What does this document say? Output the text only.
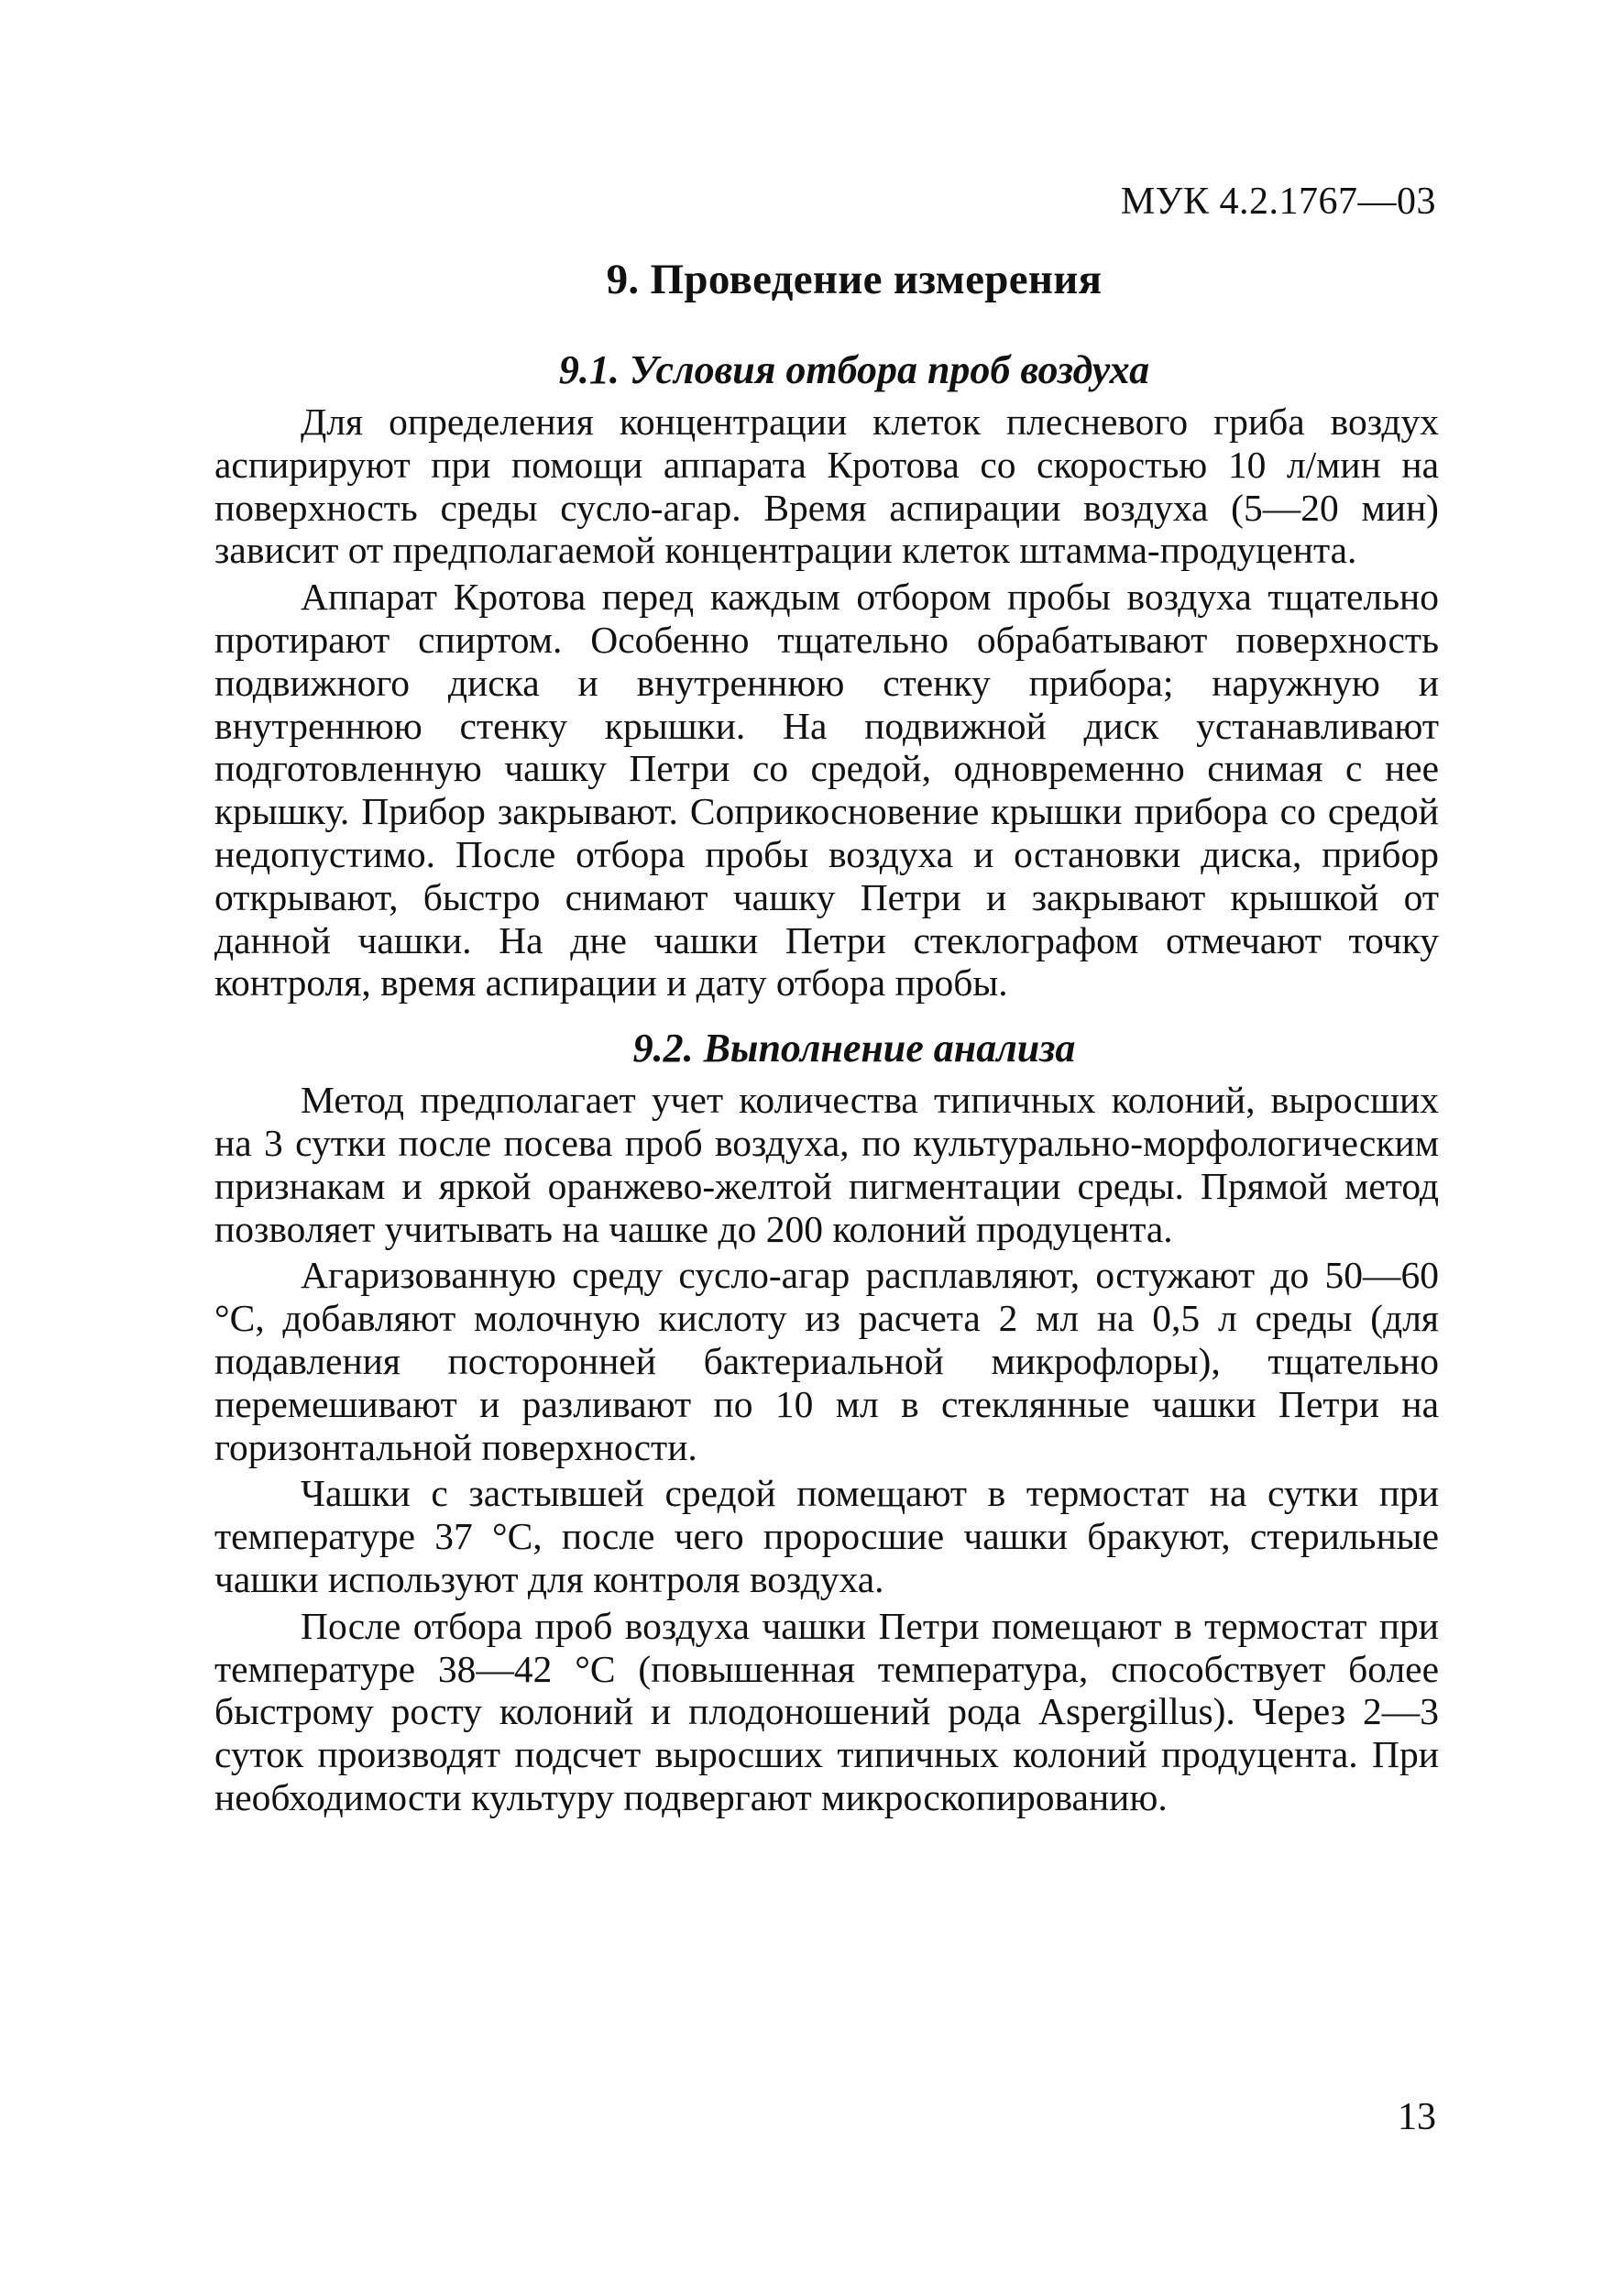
МУК 4.2.1767—03
9. Проведение измерения
9.1. Условия отбора проб воздуха

Для определения концентрации клеток плесневого гриба воздух аспирируют при помощи аппарата Кротова со скоростью 10 л/мин на поверхность среды сусло-агар. Время аспирации воздуха (5—20 мин) зависит от предполагаемой концентрации клеток штамма-продуцента.

Аппарат Кротова перед каждым отбором пробы воздуха тщательно протирают спиртом. Особенно тщательно обрабатывают поверхность подвижного диска и внутреннюю стенку прибора; наружную и внутреннюю стенку крышки. На подвижной диск устанавливают подготовленную чашку Петри со средой, одновременно снимая с нее крышку. Прибор закрывают. Соприкосновение крышки прибора со средой недопустимо. После отбора пробы воздуха и остановки диска, прибор открывают, быстро снимают чашку Петри и закрывают крышкой от данной чашки. На дне чашки Петри стеклографом отмечают точку контроля, время аспирации и дату отбора пробы.

9.2. Выполнение анализа

Метод предполагает учет количества типичных колоний, выросших на 3 сутки после посева проб воздуха, по культурально-морфологическим признакам и яркой оранжево-желтой пигментации среды. Прямой метод позволяет учитывать на чашке до 200 колоний продуцента.

Агаризованную среду сусло-агар расплавляют, остужают до 50—60 °С, добавляют молочную кислоту из расчета 2 мл на 0,5 л среды (для подавления посторонней бактериальной микрофлоры), тщательно перемешивают и разливают по 10 мл в стеклянные чашки Петри на горизонтальной поверхности.

Чашки с застывшей средой помещают в термостат на сутки при температуре 37 °С, после чего проросшие чашки бракуют, стерильные чашки используют для контроля воздуха.

После отбора проб воздуха чашки Петри помещают в термостат при температуре 38—42 °С (повышенная температура, способствует более быстрому росту колоний и плодоношений рода Aspergillus). Через 2—3 суток производят подсчет выросших типичных колоний продуцента. При необходимости культуру подвергают микроскопированию.

13
